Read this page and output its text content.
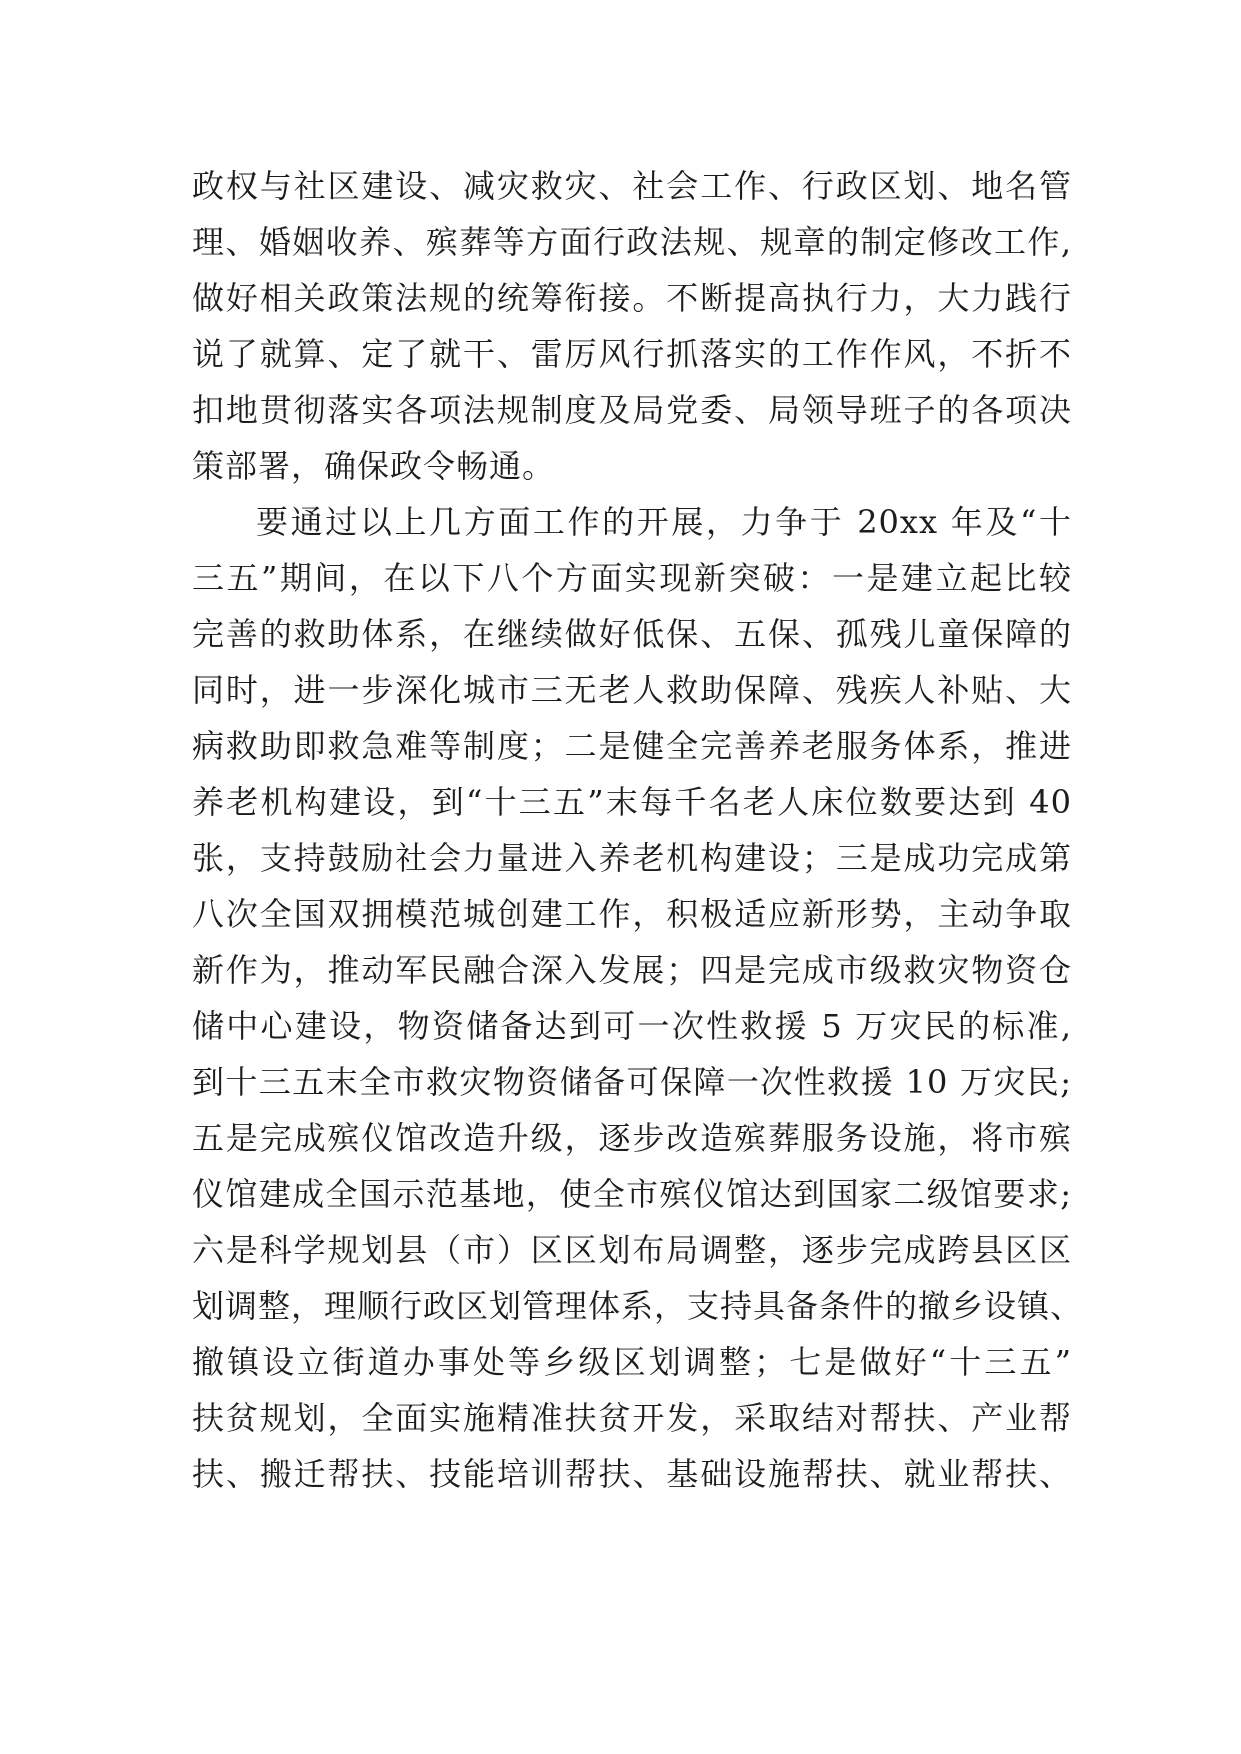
政权与社区建设、减灾救灾、社会工作、行政区划、地名管
理、婚姻收养、殡葬等方面行政法规、规章的制定修改工作,
做好相关政策法规的统筹衔接。不断提高执行力，大力践行
说了就算、定了就干、雷厉风行抓落实的工作作风，不折不
扣地贯彻落实各项法规制度及局党委、局领导班子的各项决
策部署，确保政令畅通。
要通过以上几方面工作的开展，力争于 20xx 年及“十
三五”期间，在以下八个方面实现新突破：一是建立起比较
完善的救助体系，在继续做好低保、五保、孤残儿童保障的
同时，进一步深化城市三无老人救助保障、残疾人补贴、大
病救助即救急难等制度；二是健全完善养老服务体系，推进
养老机构建设，到“十三五”末每千名老人床位数要达到 40
张，支持鼓励社会力量进入养老机构建设；三是成功完成第
八次全国双拥模范城创建工作，积极适应新形势，主动争取
新作为，推动军民融合深入发展；四是完成市级救灾物资仓
储中心建设，物资储备达到可一次性救援 5 万灾民的标准,
到十三五末全市救灾物资储备可保障一次性救援 10 万灾民;
五是完成殡仪馆改造升级，逐步改造殡葬服务设施，将市殡
仪馆建成全国示范基地，使全市殡仪馆达到国家二级馆要求;
六是科学规划县（市）区区划布局调整，逐步完成跨县区区
划调整，理顺行政区划管理体系，支持具备条件的撤乡设镇、
撤镇设立街道办事处等乡级区划调整；七是做好“十三五”
扶贫规划，全面实施精准扶贫开发，采取结对帮扶、产业帮
扶、搬迁帮扶、技能培训帮扶、基础设施帮扶、就业帮扶、
